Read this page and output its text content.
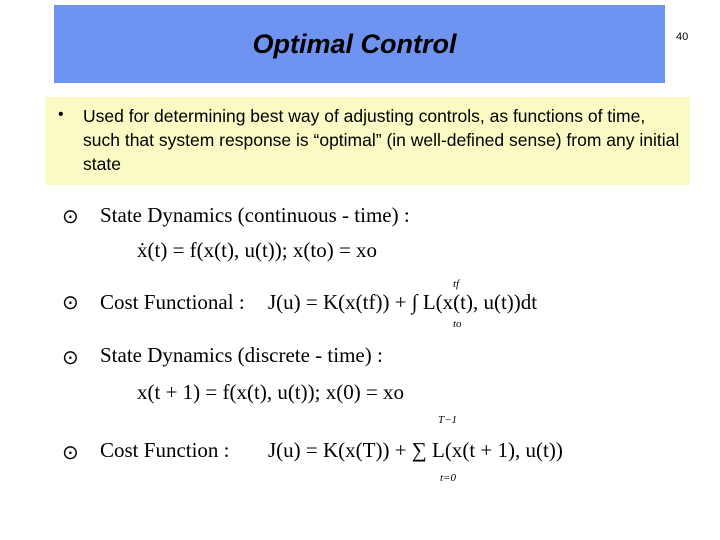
Optimal Control	40
• Used for determining best way of adjusting controls, as functions of time, such that system response is “optimal” (in well-defined sense) from any initial state
⊙ State Dynamics (continuous - time) :
ẋ(t) = f(x(t), u(t)); x(to) = xo
⊙ Cost Functional : J(u) = K(x(tf)) + ∫ L(x(t), u(t))dt
tf
to
⊙ State Dynamics (discrete - time) :
x(t + 1) = f(x(t), u(t)); x(0) = xo
⊙ Cost Function : J(u) = K(x(T)) + ∑ L(x(t + 1), u(t))
T−1
t=0
